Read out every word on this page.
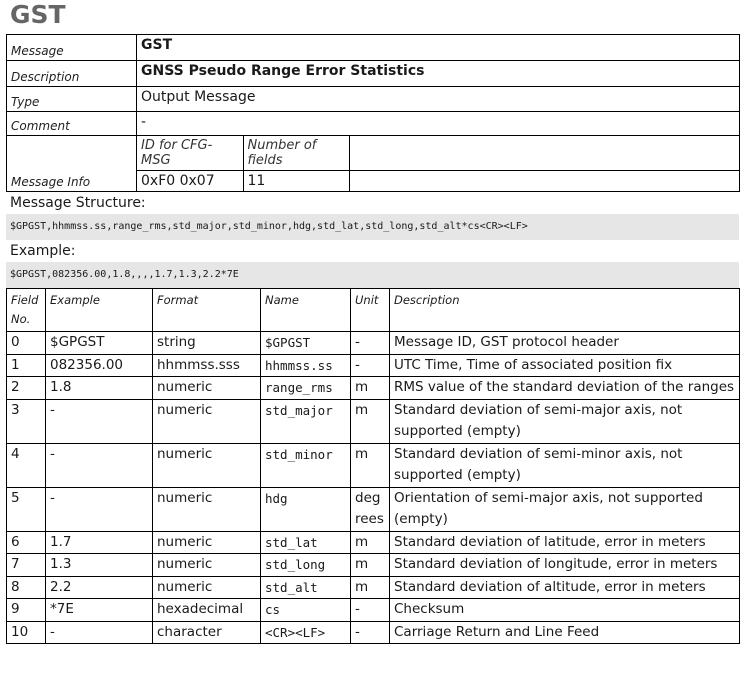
GST
Message	GST
Description	GNSS Pseudo Range Error Statistics
Type	Output Message
Comment	-
Message Info	
ID for CFG-MSG	Number of fields	
0xF0 0x07	11	
Message Structure:
$GPGST,hhmmss.ss,range_rms,std_major,std_minor,hdg,std_lat,std_long,std_alt*cs<CR><LF>
Example:
$GPGST,082356.00,1.8,,,,1.7,1.3,2.2*7E
Field No.	Example	Format	Name	Unit	Description
0	$GPGST	string	$GPGST	-	Message ID, GST protocol header
1	082356.00	hhmmss.sss	hhmmss.ss	-	UTC Time, Time of associated position fix
2	1.8	numeric	range_rms	m	RMS value of the standard deviation of the ranges
3	-	numeric	std_major	m	Standard deviation of semi-major axis, not supported (empty)
4	-	numeric	std_minor	m	Standard deviation of semi-minor axis, not supported (empty)
5	-	numeric	hdg	degrees	Orientation of semi-major axis, not supported (empty)
6	1.7	numeric	std_lat	m	Standard deviation of latitude, error in meters
7	1.3	numeric	std_long	m	Standard deviation of longitude, error in meters
8	2.2	numeric	std_alt	m	Standard deviation of altitude, error in meters
9	*7E	hexadecimal	cs	-	Checksum
10	-	character	<CR><LF>	-	Carriage Return and Line Feed
